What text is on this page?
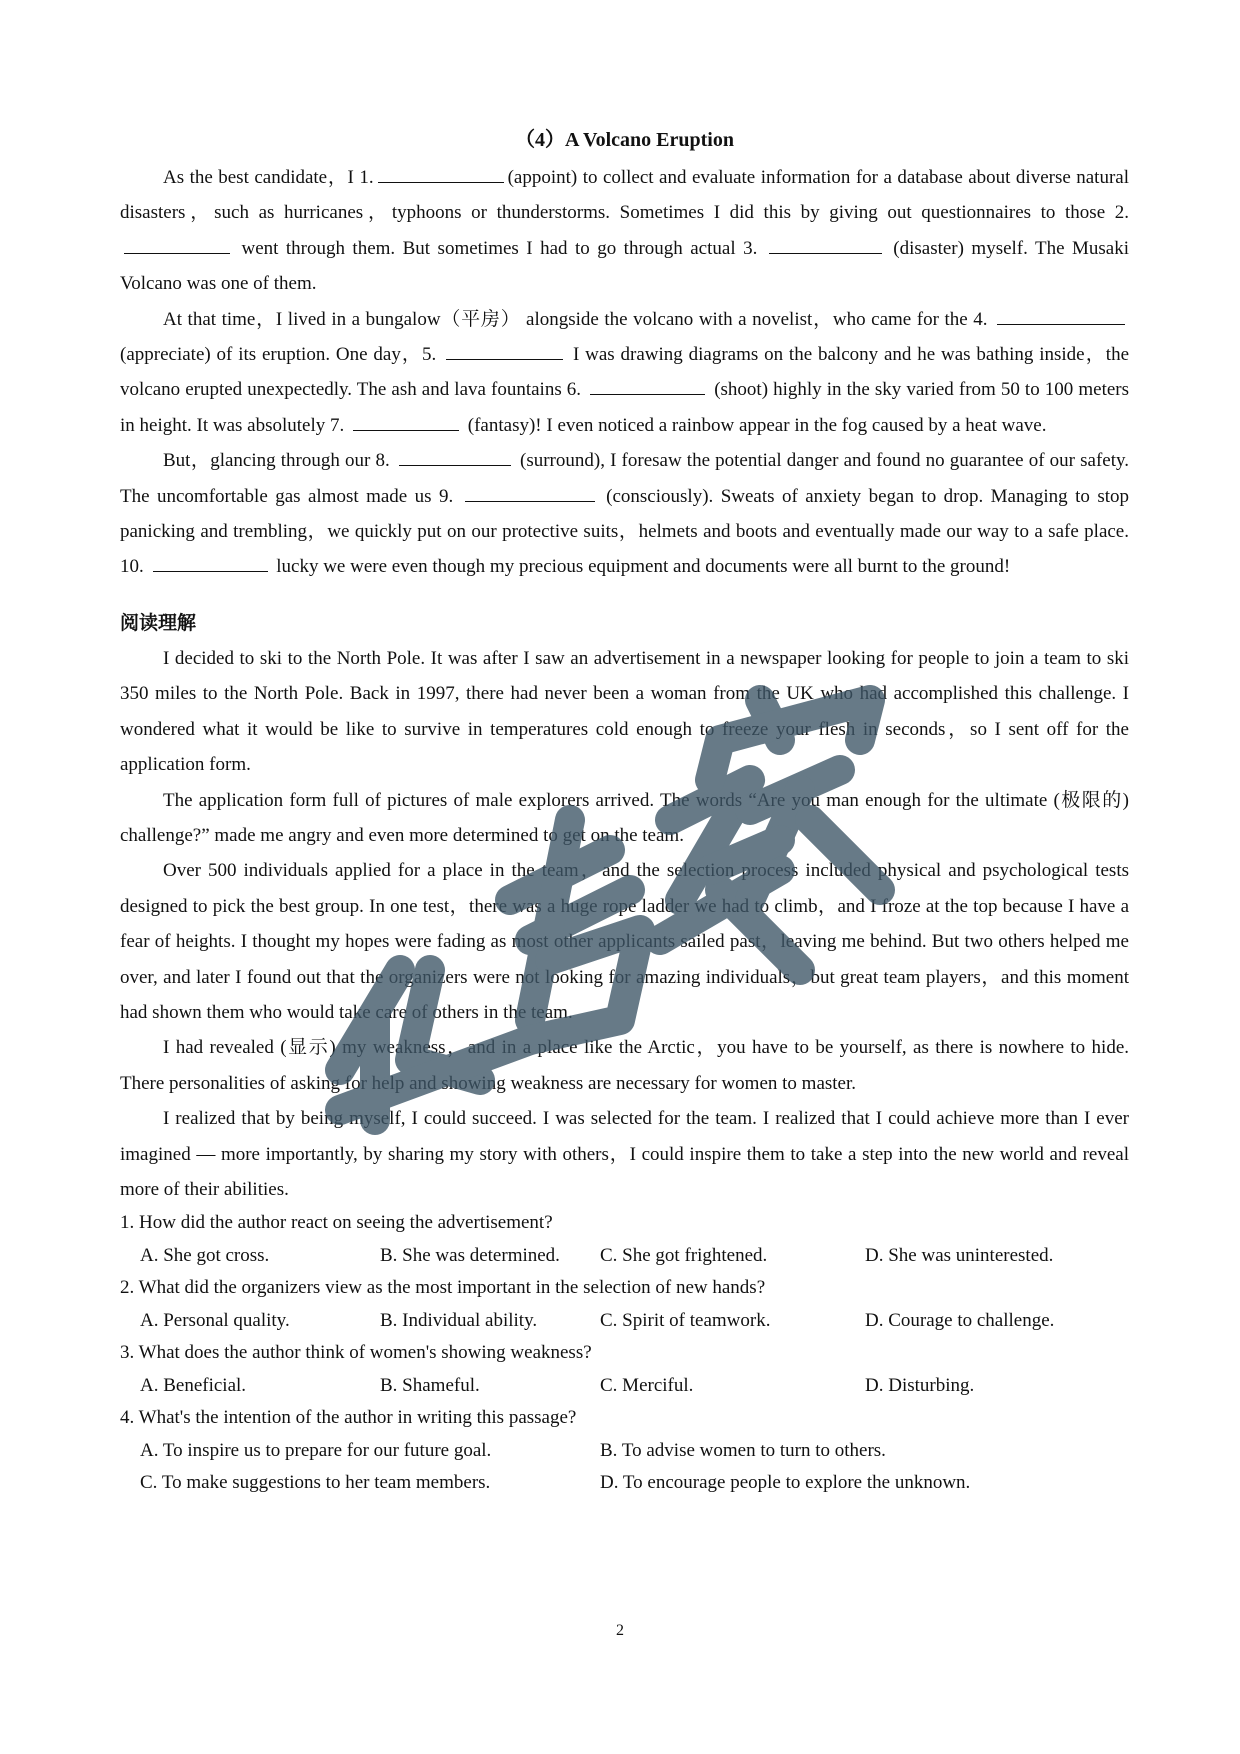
（4）A Volcano Eruption

As the best candidate，I 1.	(appoint) to collect and evaluate information for a database about diverse natural disasters，such as hurricanes，typhoons or thunderstorms. Sometimes I did this by giving out questionnaires to those 2.  went through them. But sometimes I had to go through actual 3.	(disaster) myself. The Musaki Volcano was one of them.

At that time，I lived in a bungalow（平房） alongside the volcano with a novelist，who came for the 4.  (appreciate) of its eruption. One day，5.	I was drawing diagrams on the balcony and he was bathing inside，the volcano erupted unexpectedly. The ash and lava fountains 6.	(shoot) highly in the sky varied from 50 to 100 meters in height. It was absolutely 7.	(fantasy)! I even noticed a rainbow appear in the fog caused by a heat wave.

But，glancing through our 8.	(surround), I foresaw the potential danger and found no guarantee of our safety. The uncomfortable gas almost made us 9.	(consciously). Sweats of anxiety began to drop. Managing to stop panicking and trembling，we quickly put on our protective suits，helmets and boots and eventually made our way to a safe place. 10.	lucky we were even though my precious equipment and documents were all burnt to the ground!

阅读理解

I decided to ski to the North Pole. It was after I saw an advertisement in a newspaper looking for people to join a team to ski 350 miles to the North Pole. Back in 1997, there had never been a woman from the UK who had accomplished this challenge. I wondered what it would be like to survive in temperatures cold enough to freeze your flesh in seconds，so I sent off for the application form.

The application form full of pictures of male explorers arrived. The words “Are you man enough for the ultimate (极限的) challenge?” made me angry and even more determined to get on the team.

Over 500 individuals applied for a place in the team，and the selection process included physical and psychological tests designed to pick the best group. In one test，there was a huge rope ladder we had to climb，and I froze at the top because I have a fear of heights. I thought my hopes were fading as most other applicants sailed past，leaving me behind. But two others helped me over, and later I found out that the organizers were not looking for amazing individuals，but great team players，and this moment had shown them who would take care of others in the team.

I had revealed (显示) my weakness，and in a place like the Arctic，you have to be yourself, as there is nowhere to hide. There personalities of asking for help and showing weakness are necessary for women to master.

I realized that by being myself, I could succeed. I was selected for the team. I realized that I could achieve more than I ever imagined — more importantly, by sharing my story with others，I could inspire them to take a step into the new world and reveal more of their abilities.

1. How did the author react on seeing the advertisement?
A. She got cross.	B. She was determined. C. She got frightened.	D. She was uninterested.
2. What did the organizers view as the most important in the selection of new hands?
A. Personal quality.	B. Individual ability.	C. Spirit of teamwork.	D. Courage to challenge.
3. What does the author think of women's showing weakness?
A. Beneficial.	B. Shameful.	C. Merciful.	D. Disturbing.
4. What's the intention of the author in writing this passage?
A. To inspire us to prepare for our future goal.	B. To advise women to turn to others.
C. To make suggestions to her team members.	D. To encourage people to explore the unknown.
2
